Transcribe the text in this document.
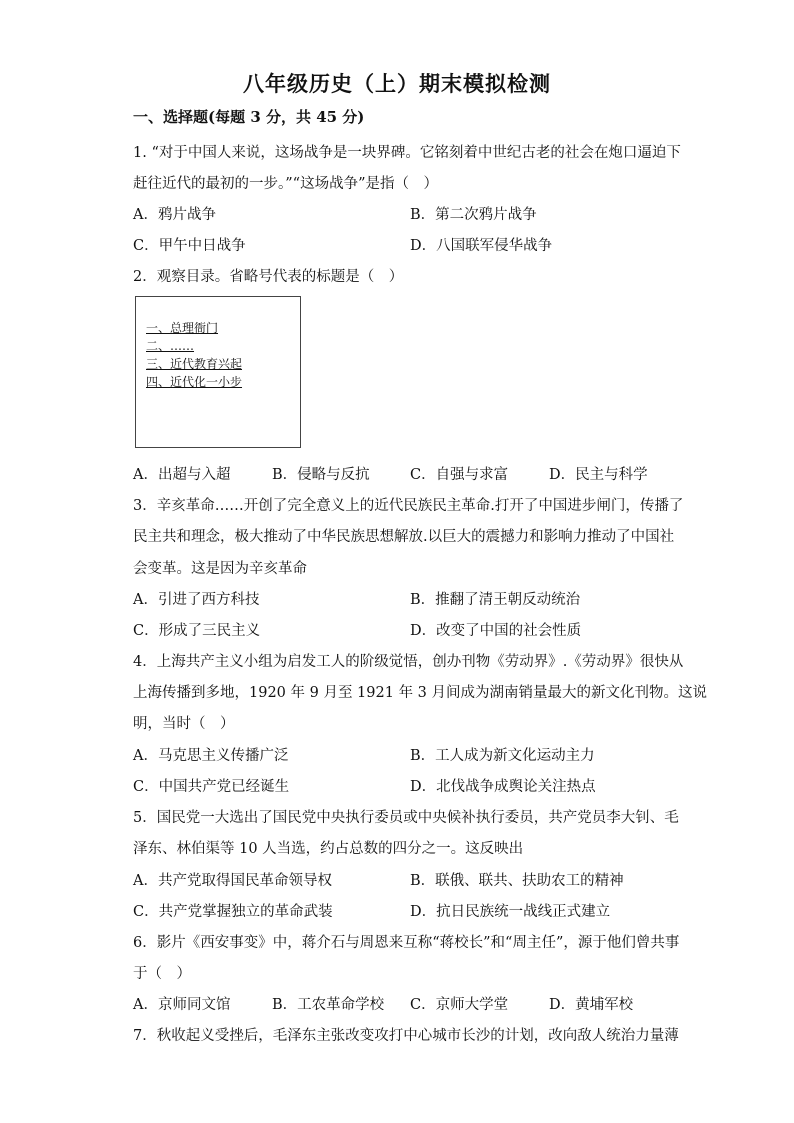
八年级历史（上）期末模拟检测
一、选择题(每题 3 分，共 45 分)
1. “对于中国人来说，这场战争是一块界碑。它铭刻着中世纪古老的社会在炮口逼迫下
赶往近代的最初的一步。”“这场战争”是指（　）
A．鸦片战争	B．第二次鸦片战争
C．甲午中日战争	D．八国联军侵华战争
2．观察目录。省略号代表的标题是（　）
一、总理衙门
二、……
三、近代教育兴起
四、近代化一小步
A．出超与入超	B．侵略与反抗	C．自强与求富	D．民主与科学
3．辛亥革命……开创了完全意义上的近代民族民主革命.打开了中国进步闸门，传播了
民主共和理念，极大推动了中华民族思想解放.以巨大的震撼力和影响力推动了中国社
会变革。这是因为辛亥革命
A．引进了西方科技	B．推翻了清王朝反动统治
C．形成了三民主义	D．改变了中国的社会性质
4．上海共产主义小组为启发工人的阶级觉悟，创办刊物《劳动界》.《劳动界》很快从
上海传播到多地，1920 年 9 月至 1921 年 3 月间成为湖南销量最大的新文化刊物。这说
明，当时（　）
A．马克思主义传播广泛	B．工人成为新文化运动主力
C．中国共产党已经诞生	D．北伐战争成舆论关注热点
5．国民党一大选出了国民党中央执行委员或中央候补执行委员，共产党员李大钊、毛
泽东、林伯渠等 10 人当选，约占总数的四分之一。这反映出
A．共产党取得国民革命领导权	B．联俄、联共、扶助农工的精神
C．共产党掌握独立的革命武装	D．抗日民族统一战线正式建立
6．影片《西安事变》中，蒋介石与周恩来互称“蒋校长”和“周主任”，源于他们曾共事
于（　）
A．京师同文馆	B．工农革命学校 C．京师大学堂	D．黄埔军校
7．秋收起义受挫后，毛泽东主张改变攻打中心城市长沙的计划，改向敌人统治力量薄
